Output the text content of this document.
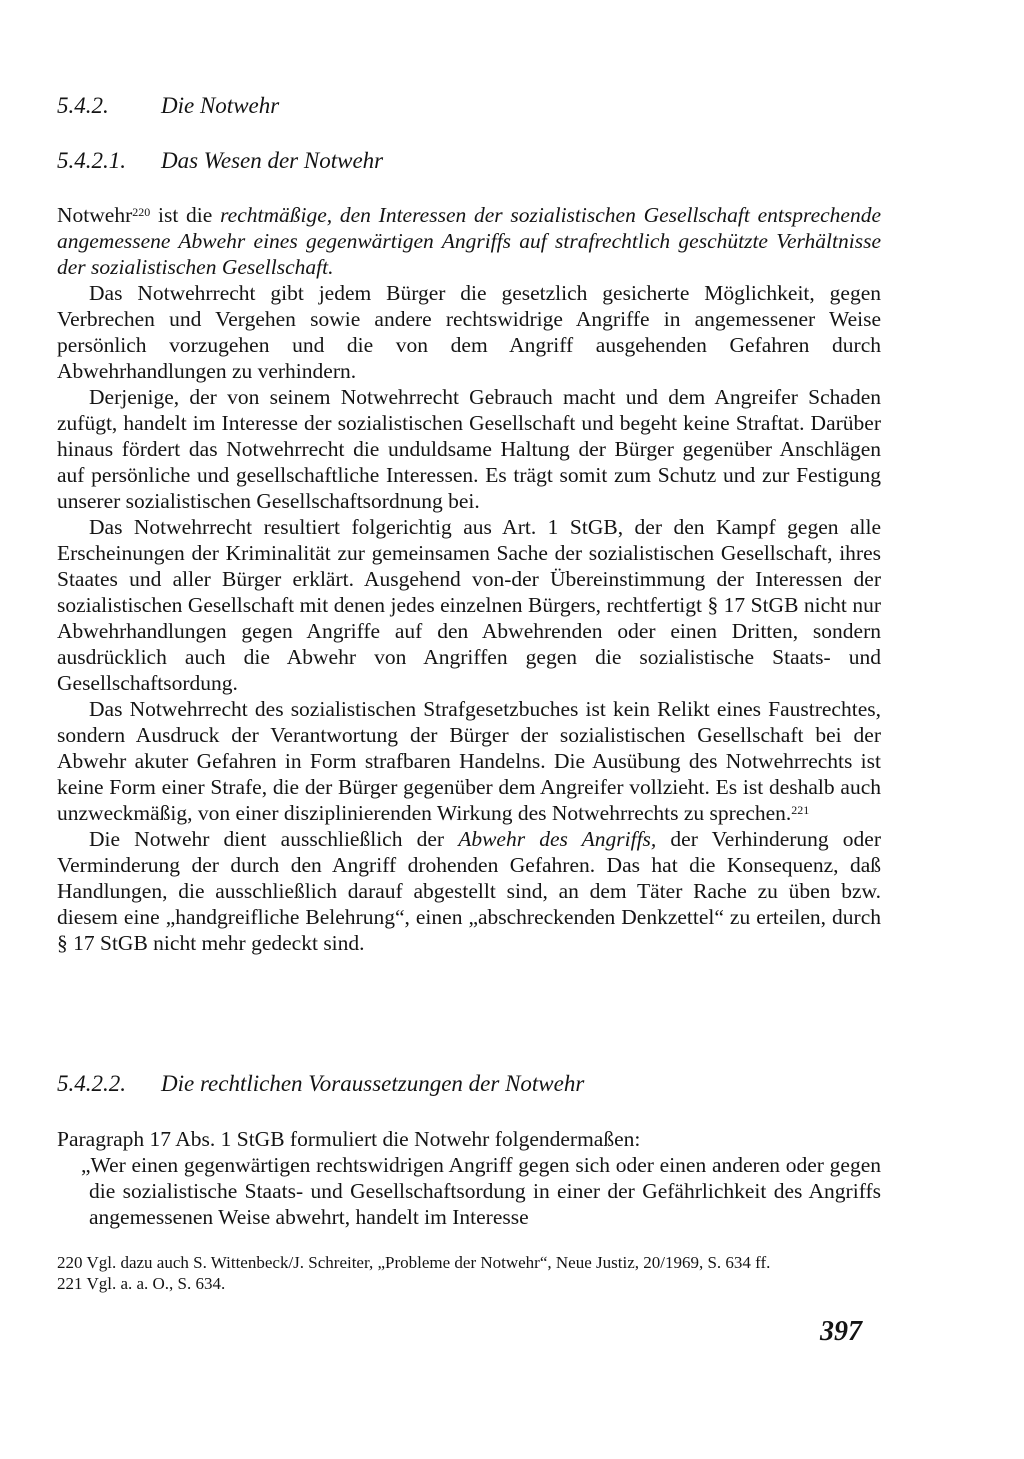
5.4.2. Die Notwehr
5.4.2.1. Das Wesen der Notwehr

Notwehr$^{220}$ ist die rechtmäßige, den Interessen der sozialistischen Gesellschaft entsprechende angemessene Abwehr eines gegenwärtigen Angriffs auf strafrechtlich geschützte Verhältnisse der sozialistischen Gesellschaft.

Das Notwehrrecht gibt jedem Bürger die gesetzlich gesicherte Möglichkeit, gegen Verbrechen und Vergehen sowie andere rechtswidrige Angriffe in angemessener Weise persönlich vorzugehen und die von dem Angriff ausgehenden Gefahren durch Abwehrhandlungen zu verhindern.

Derjenige, der von seinem Notwehrrecht Gebrauch macht und dem Angreifer Schaden zufügt, handelt im Interesse der sozialistischen Gesellschaft und begeht keine Straftat. Darüber hinaus fördert das Notwehrrecht die unduldsame Haltung der Bürger gegenüber Anschlägen auf persönliche und gesellschaftliche Interessen. Es trägt somit zum Schutz und zur Festigung unserer sozialistischen Gesellschaftsordnung bei.

Das Notwehrrecht resultiert folgerichtig aus Art. 1 StGB, der den Kampf gegen alle Erscheinungen der Kriminalität zur gemeinsamen Sache der sozialistischen Gesellschaft, ihres Staates und aller Bürger erklärt. Ausgehend von-der Übereinstimmung der Interessen der sozialistischen Gesellschaft mit denen jedes einzelnen Bürgers, rechtfertigt § 17 StGB nicht nur Abwehrhandlungen gegen Angriffe auf den Abwehrenden oder einen Dritten, sondern ausdrücklich auch die Abwehr von Angriffen gegen die sozialistische Staats- und Gesellschaftsordung.

Das Notwehrrecht des sozialistischen Strafgesetzbuches ist kein Relikt eines Faustrechtes, sondern Ausdruck der Verantwortung der Bürger der sozialistischen Gesellschaft bei der Abwehr akuter Gefahren in Form strafbaren Handelns. Die Ausübung des Notwehrrechts ist keine Form einer Strafe, die der Bürger gegenüber dem Angreifer vollzieht. Es ist deshalb auch unzweckmäßig, von einer disziplinierenden Wirkung des Notwehrrechts zu sprechen.$^{221}$

Die Notwehr dient ausschließlich der Abwehr des Angriffs, der Verhinderung oder Verminderung der durch den Angriff drohenden Gefahren. Das hat die Konsequenz, daß Handlungen, die ausschließlich darauf abgestellt sind, an dem Täter Rache zu üben bzw. diesem eine „handgreifliche Belehrung“, einen „abschreckenden Denkzettel“ zu erteilen, durch § 17 StGB nicht mehr gedeckt sind.

5.4.2.2. Die rechtlichen Voraussetzungen der Notwehr

Paragraph 17 Abs. 1 StGB formuliert die Notwehr folgendermaßen:

„Wer einen gegenwärtigen rechtswidrigen Angriff gegen sich oder einen anderen oder gegen die sozialistische Staats- und Gesellschaftsordung in einer der Gefährlichkeit des Angriffs angemessenen Weise abwehrt, handelt im Interesse

220 Vgl. dazu auch S. Wittenbeck/J. Schreiter, „Probleme der Notwehr“, Neue Justiz, 20/1969, S. 634 ff.
221 Vgl. a. a. O., S. 634.
397
